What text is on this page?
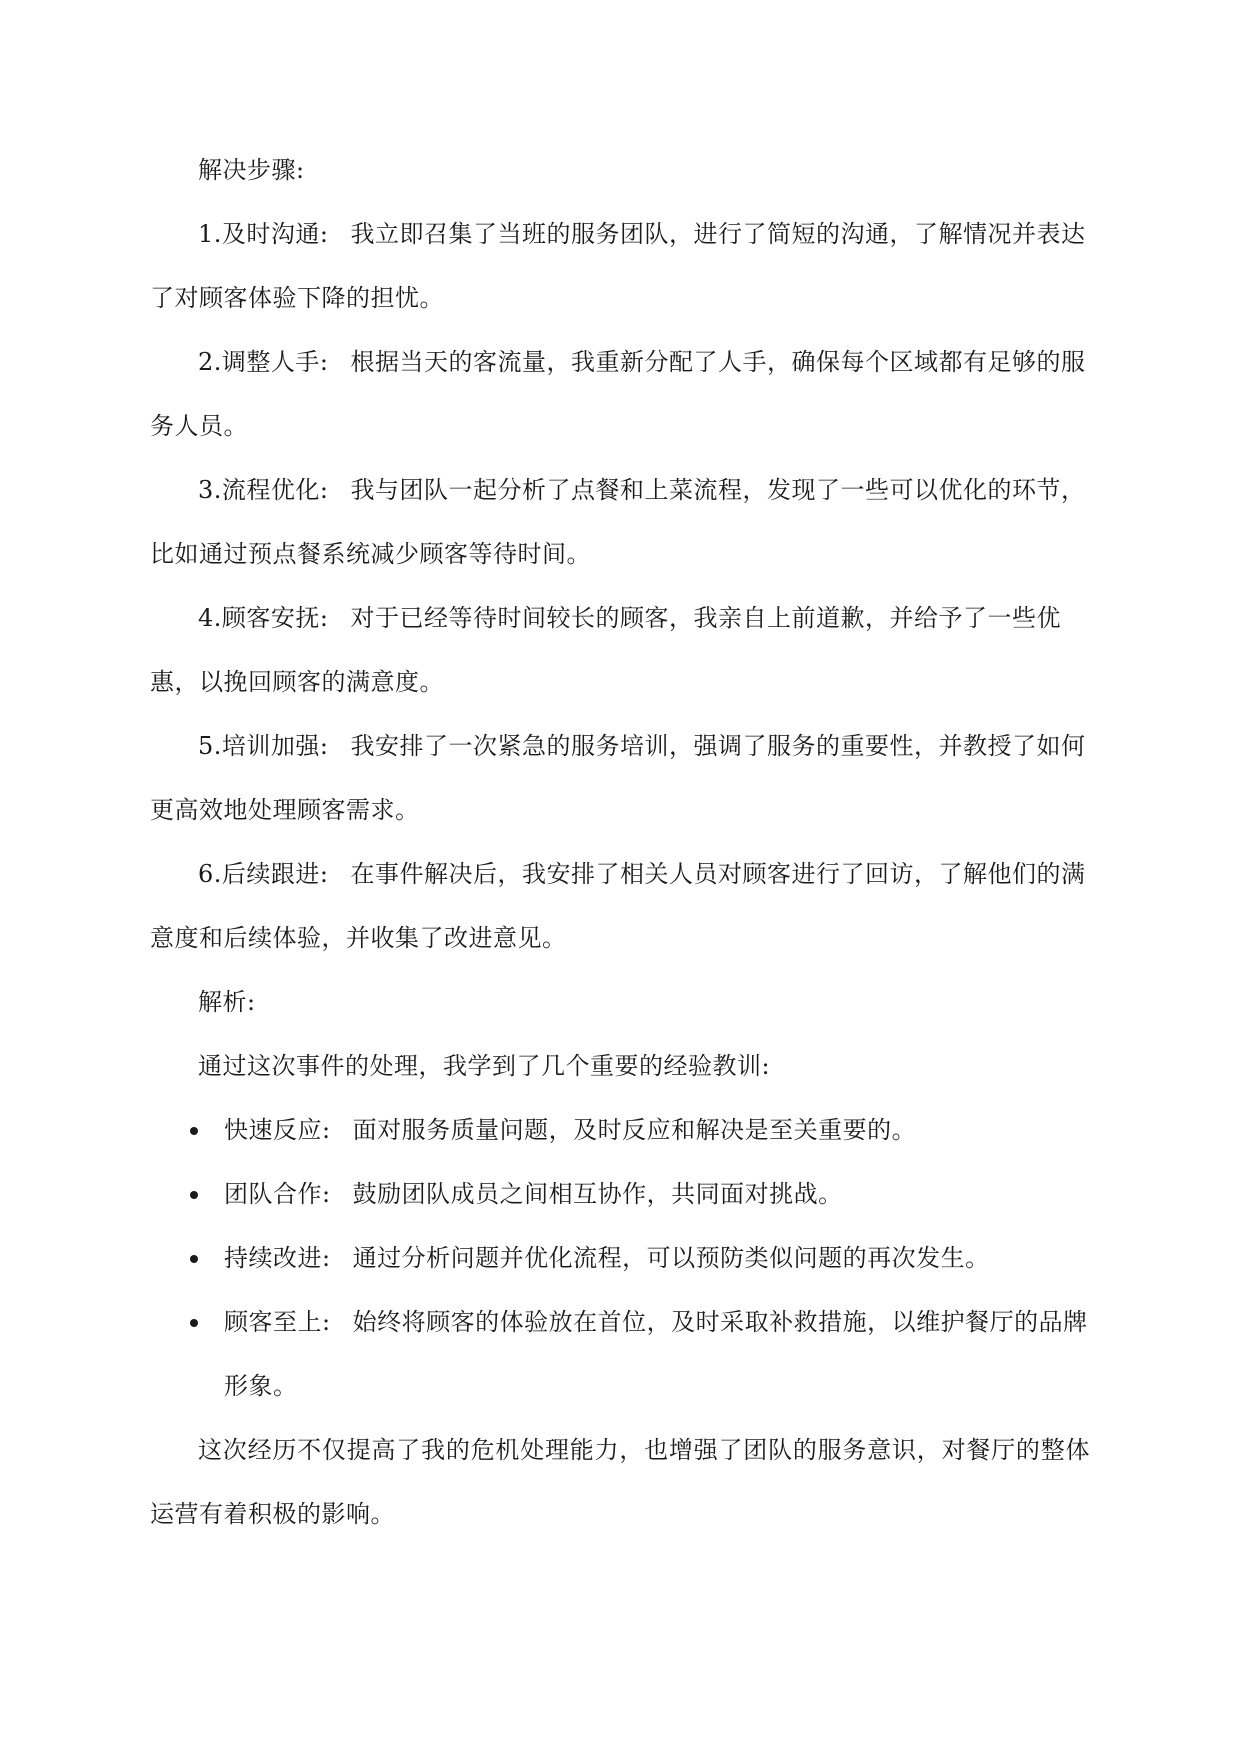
解决步骤:

1.及时沟通: 我立即召集了当班的服务团队，进行了简短的沟通，了解情况并表达了对顾客体验下降的担忧。

2.调整人手: 根据当天的客流量，我重新分配了人手，确保每个区域都有足够的服务人员。

3.流程优化: 我与团队一起分析了点餐和上菜流程，发现了一些可以优化的环节，比如通过预点餐系统减少顾客等待时间。

4.顾客安抚: 对于已经等待时间较长的顾客，我亲自上前道歉，并给予了一些优惠，以挽回顾客的满意度。

5.培训加强: 我安排了一次紧急的服务培训，强调了服务的重要性，并教授了如何更高效地处理顾客需求。

6.后续跟进: 在事件解决后，我安排了相关人员对顾客进行了回访，了解他们的满意度和后续体验，并收集了改进意见。

解析:

通过这次事件的处理，我学到了几个重要的经验教训:

快速反应: 面对服务质量问题，及时反应和解决是至关重要的。
团队合作: 鼓励团队成员之间相互协作，共同面对挑战。
持续改进: 通过分析问题并优化流程，可以预防类似问题的再次发生。
顾客至上: 始终将顾客的体验放在首位，及时采取补救措施，以维护餐厅的品牌形象。

这次经历不仅提高了我的危机处理能力，也增强了团队的服务意识，对餐厅的整体运营有着积极的影响。
